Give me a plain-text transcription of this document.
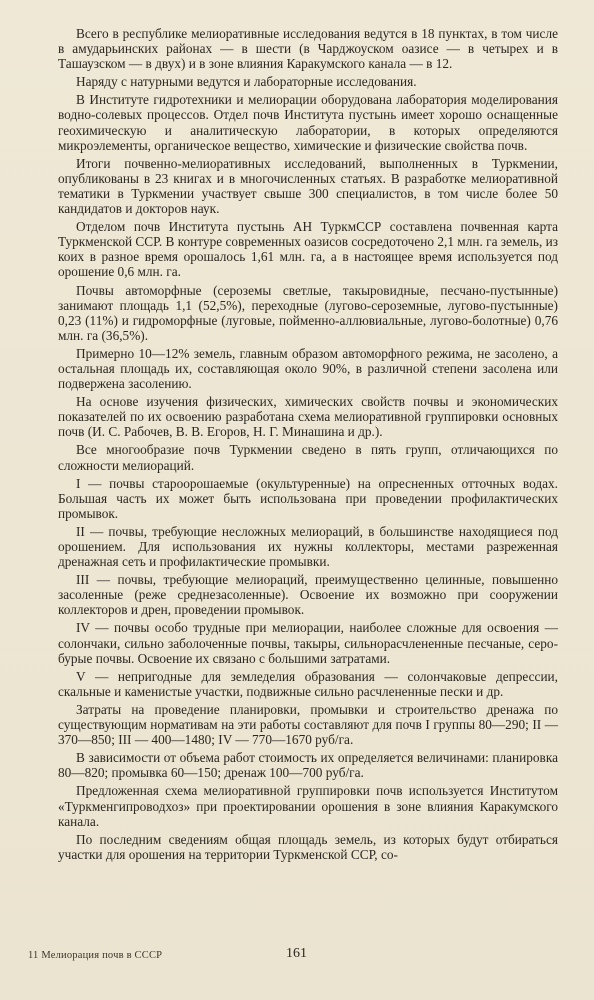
Всего в республике мелиоративные исследования ведутся в 18 пунктах, в том числе в амударьинских районах — в шести (в Чарджоуском оазисе — в четырех и в Ташаузском — в двух) и в зоне влияния Каракумского канала — в 12.

Наряду с натурными ведутся и лабораторные исследования.

В Институте гидротехники и мелиорации оборудована лаборатория моделирования водно-солевых процессов. Отдел почв Института пустынь имеет хорошо оснащенные геохимическую и аналитическую лаборатории, в которых определяются микроэлементы, органическое вещество, химические и физические свойства почв.

Итоги почвенно-мелиоративных исследований, выполненных в Туркмении, опубликованы в 23 книгах и в многочисленных статьях. В разработке мелиоративной тематики в Туркмении участвует свыше 300 специалистов, в том числе более 50 кандидатов и докторов наук.

Отделом почв Института пустынь АН ТуркмССР составлена почвенная карта Туркменской ССР. В контуре современных оазисов сосредоточено 2,1 млн. га земель, из коих в разное время орошалось 1,61 млн. га, а в настоящее время используется под орошение 0,6 млн. га.

Почвы автоморфные (сероземы светлые, такыровидные, песчано-пустынные) занимают площадь 1,1 (52,5%), переходные (лугово-сероземные, лугово-пустынные) 0,23 (11%) и гидроморфные (луговые, пойменно-аллювиальные, лугово-болотные) 0,76 млн. га (36,5%).

Примерно 10—12% земель, главным образом автоморфного режима, не засолено, а остальная площадь их, составляющая около 90%, в различной степени засолена или подвержена засолению.

На основе изучения физических, химических свойств почвы и экономических показателей по их освоению разработана схема мелиоративной группировки основных почв (И. С. Рабочев, В. В. Егоров, Н. Г. Минашина и др.).

Все многообразие почв Туркмении сведено в пять групп, отличающихся по сложности мелиораций.

I — почвы староорошаемые (окультуренные) на опресненных отточных водах. Большая часть их может быть использована при проведении профилактических промывок.

II — почвы, требующие несложных мелиораций, в большинстве находящиеся под орошением. Для использования их нужны коллекторы, местами разреженная дренажная сеть и профилактические промывки.

III — почвы, требующие мелиораций, преимущественно целинные, повышенно засоленные (реже среднезасоленные). Освоение их возможно при сооружении коллекторов и дрен, проведении промывок.

IV — почвы особо трудные при мелиорации, наиболее сложные для освоения — солончаки, сильно заболоченные почвы, такыры, сильнорасчлененные песчаные, серо-бурые почвы. Освоение их связано с большими затратами.

V — непригодные для земледелия образования — солончаковые депрессии, скальные и каменистые участки, подвижные сильно расчлененные пески и др.

Затраты на проведение планировки, промывки и строительство дренажа по существующим нормативам на эти работы составляют для почв I группы 80—290; II — 370—850; III — 400—1480; IV — 770—1670 руб/га.

В зависимости от объема работ стоимость их определяется величинами: планировка 80—820; промывка 60—150; дренаж 100—700 руб/га.

Предложенная схема мелиоративной группировки почв используется Институтом «Туркменгипроводхоз» при проектировании орошения в зоне влияния Каракумского канала.

По последним сведениям общая площадь земель, из которых будут отбираться участки для орошения на территории Туркменской ССР, со-

11 Мелиорация почв в СССР	161
